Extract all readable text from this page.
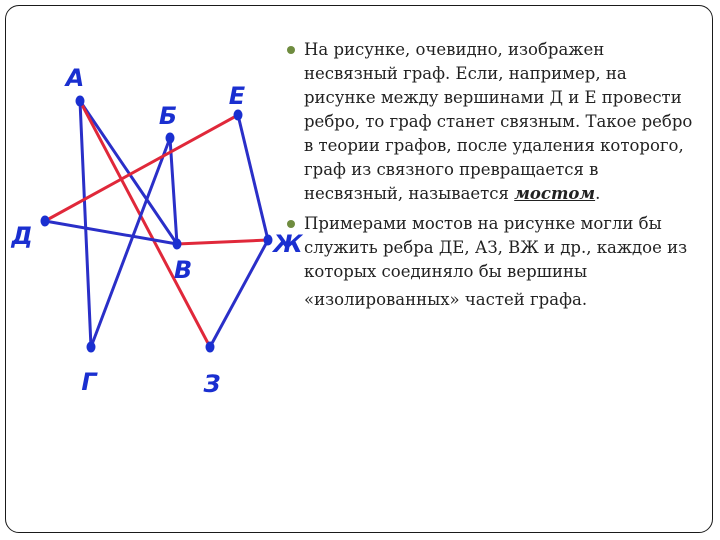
А
Б
Е
Д
В
Ж
Г	З
На рисунке, очевидно, изображен несвязный граф. Если, например, на рисунке между вершинами Д и Е провести ребро, то граф станет связным. Такое ребро в теории графов, после удаления которого, граф из связного превращается в несвязный, называется мостом.
Примерами мостов на рисунке могли бы служить ребра ДЕ, АЗ, ВЖ и др., каждое из которых соединяло бы вершины
«изолированных» частей графа.
